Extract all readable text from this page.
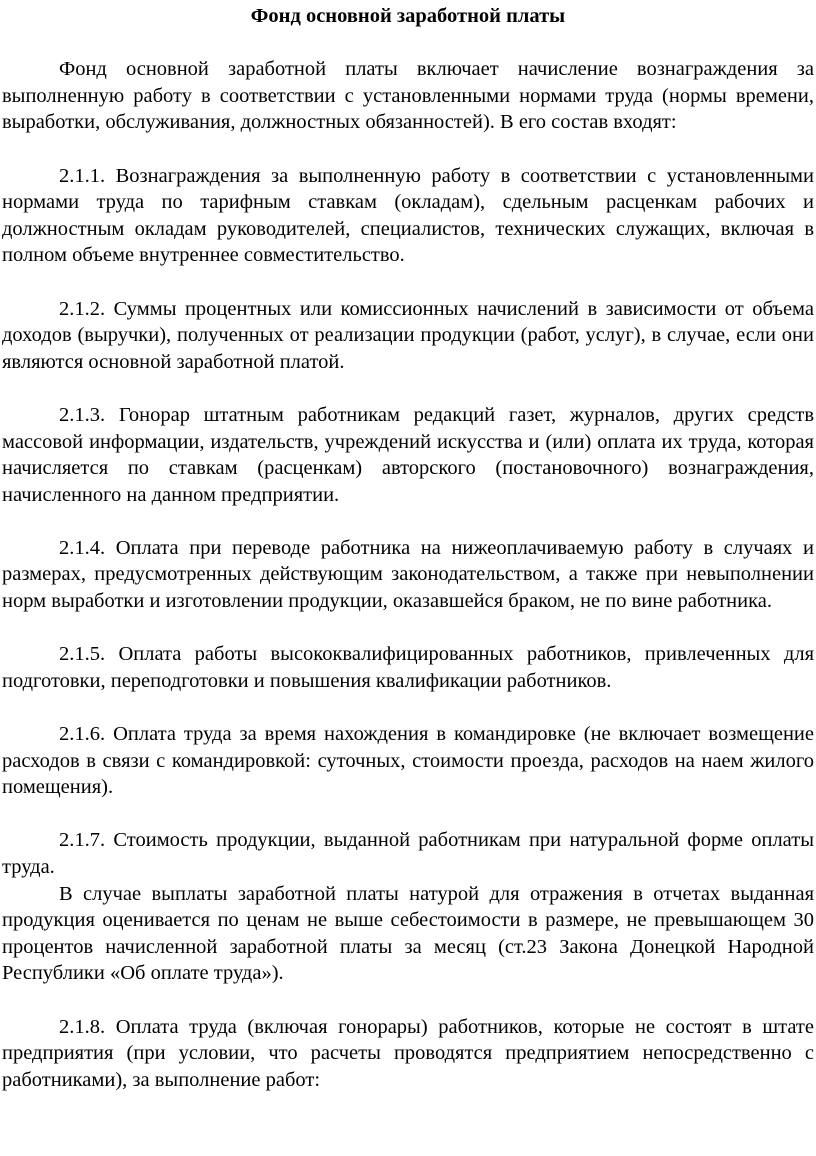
Фонд основной заработной платы

Фонд основной заработной платы включает начисление вознаграждения за выполненную работу в соответствии с установленными нормами труда (нормы времени, выработки, обслуживания, должностных обязанностей). В его состав входят:

2.1.1. Вознаграждения за выполненную работу в соответствии с установленными нормами труда по тарифным ставкам (окладам), сдельным расценкам рабочих и должностным окладам руководителей, специалистов, технических служащих, включая в полном объеме внутреннее совместительство.

2.1.2. Суммы процентных или комиссионных начислений в зависимости от объема доходов (выручки), полученных от реализации продукции (работ, услуг), в случае, если они являются основной заработной платой.

2.1.3. Гонорар штатным работникам редакций газет, журналов, других средств массовой информации, издательств, учреждений искусства и (или) оплата их труда, которая начисляется по ставкам (расценкам) авторского (постановочного) вознаграждения, начисленного на данном предприятии.

2.1.4. Оплата при переводе работника на нижеоплачиваемую работу в случаях и размерах, предусмотренных действующим законодательством, а также при невыполнении норм выработки и изготовлении продукции, оказавшейся браком, не по вине работника.

2.1.5. Оплата работы высококвалифицированных работников, привлеченных для подготовки, переподготовки и повышения квалификации работников.

2.1.6. Оплата труда за время нахождения в командировке (не включает возмещение расходов в связи с командировкой: суточных, стоимости проезда, расходов на наем жилого помещения).

2.1.7. Стоимость продукции, выданной работникам при натуральной форме оплаты труда.

В случае выплаты заработной платы натурой для отражения в отчетах выданная продукция оценивается по ценам не выше себестоимости в размере, не превышающем 30 процентов начисленной заработной платы за месяц (ст.23 Закона Донецкой Народной Республики «Об оплате труда»).

2.1.8. Оплата труда (включая гонорары) работников, которые не состоят в штате предприятия (при условии, что расчеты проводятся предприятием непосредственно с работниками), за выполнение работ:
